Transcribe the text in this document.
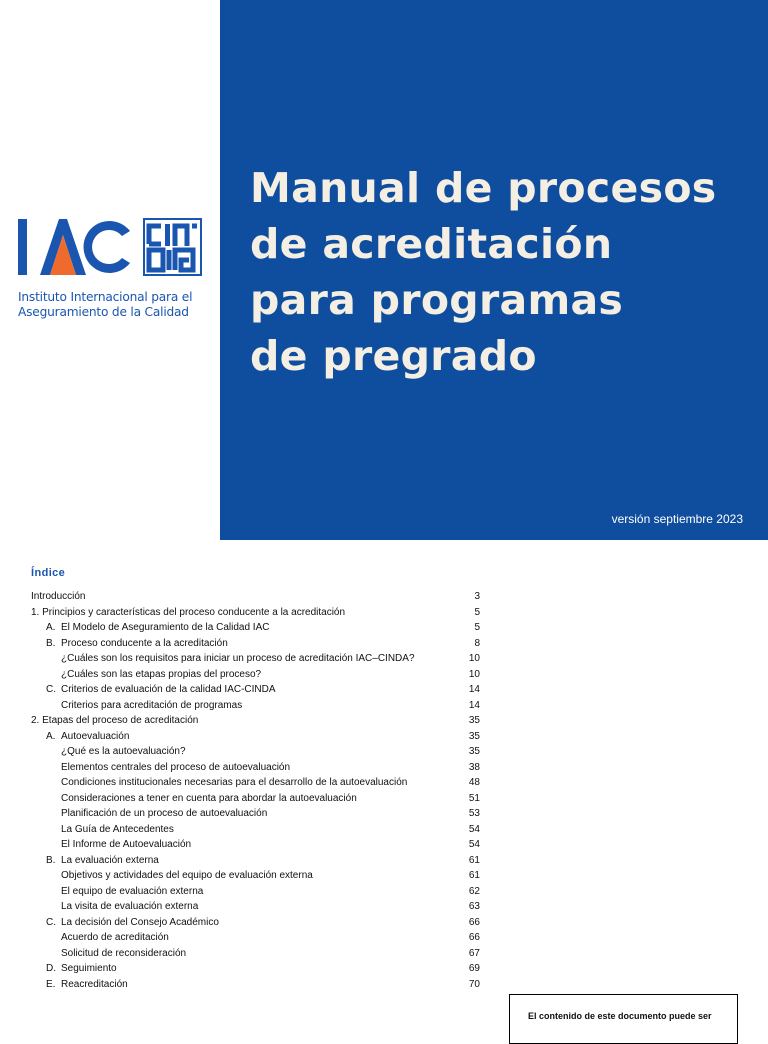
Manual de procesos
de acreditación
para programas
de pregrado
versión septiembre 2023
IAC
Instituto Internacional para el
Aseguramiento de la Calidad
Índice
Introducción	3
1. Principios y características del proceso conducente a la acreditación	5
A. El Modelo de Aseguramiento de la Calidad IAC	5
B. Proceso conducente a la acreditación	8
¿Cuáles son los requisitos para iniciar un proceso de acreditación IAC–CINDA?	10
¿Cuáles son las etapas propias del proceso?	10
C. Criterios de evaluación de la calidad IAC-CINDA	14
Criterios para acreditación de programas	14
2. Etapas del proceso de acreditación	35
A. Autoevaluación	35
¿Qué es la autoevaluación?	35
Elementos centrales del proceso de autoevaluación	38
Condiciones institucionales necesarias para el desarrollo de la autoevaluación	48
Consideraciones a tener en cuenta para abordar la autoevaluación	51
Planificación de un proceso de autoevaluación	53
La Guía de Antecedentes	54
El Informe de Autoevaluación	54
B. La evaluación externa	61
Objetivos y actividades del equipo de evaluación externa	61
El equipo de evaluación externa	62
La visita de evaluación externa	63
C. La decisión del Consejo Académico	66
Acuerdo de acreditación	66
Solicitud de reconsideración	67
D. Seguimiento	69
E. Reacreditación	70
El contenido de este documento puede ser
